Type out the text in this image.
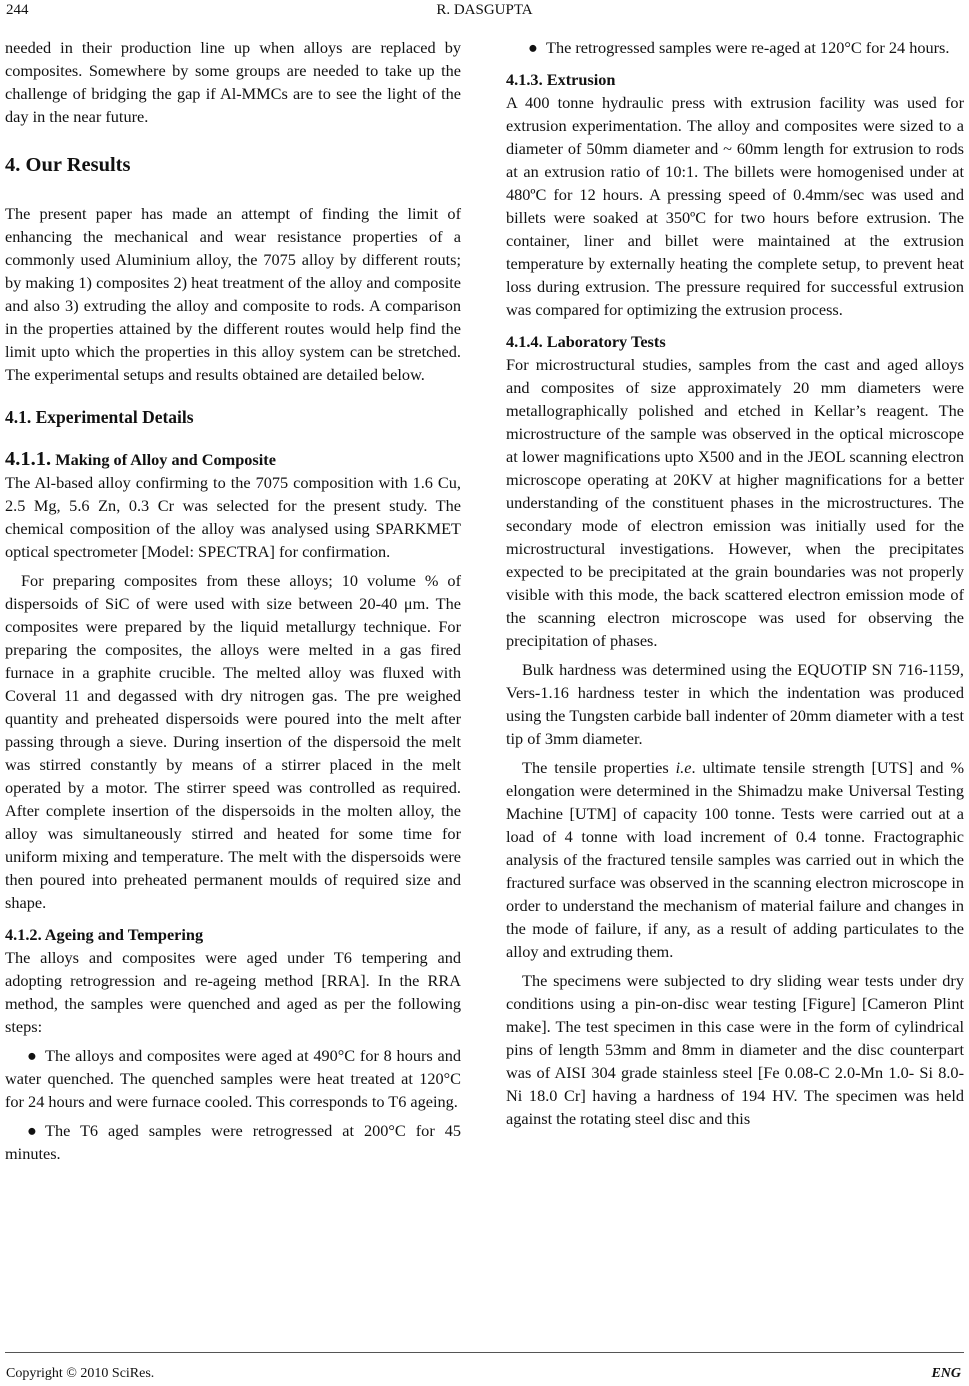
244	R. DASGUPTA

needed in their production line up when alloys are replaced by composites. Somewhere by some groups are needed to take up the challenge of bridging the gap if Al-MMCs are to see the light of the day in the near future.

4. Our Results

The present paper has made an attempt of finding the limit of enhancing the mechanical and wear resistance properties of a commonly used Aluminium alloy, the 7075 alloy by different routs; by making 1) composites 2) heat treatment of the alloy and composite and also 3) extruding the alloy and composite to rods. A comparison in the properties attained by the different routes would help find the limit upto which the properties in this alloy system can be stretched. The experimental setups and results obtained are detailed below.

4.1. Experimental Details
4.1.1. Making of Alloy and Composite

The Al-based alloy confirming to the 7075 composition with 1.6 Cu, 2.5 Mg, 5.6 Zn, 0.3 Cr was selected for the present study. The chemical composition of the alloy was analysed using SPARKMET optical spectrometer [Model: SPECTRA] for confirmation.

For preparing composites from these alloys; 10 volume % of dispersoids of SiC of were used with size between 20-40 μm. The composites were prepared by the liquid metallurgy technique. For preparing the composites, the alloys were melted in a gas fired furnace in a graphite crucible. The melted alloy was fluxed with Coveral 11 and degassed with dry nitrogen gas. The pre weighed quantity and preheated dispersoids were poured into the melt after passing through a sieve. During insertion of the dispersoid the melt was stirred constantly by means of a stirrer placed in the melt operated by a motor. The stirrer speed was controlled as required. After complete insertion of the dispersoids in the molten alloy, the alloy was simultaneously stirred and heated for some time for uniform mixing and temperature. The melt with the dispersoids were then poured into preheated permanent moulds of required size and shape.

4.1.2. Ageing and Tempering

The alloys and composites were aged under T6 tempering and adopting retrogression and re-ageing method [RRA]. In the RRA method, the samples were quenched and aged as per the following steps:

● The alloys and composites were aged at 490°C for 8 hours and water quenched. The quenched samples were heat treated at 120°C for 24 hours and were furnace cooled. This corresponds to T6 ageing.

● The T6 aged samples were retrogressed at 200°C for 45 minutes.

● The retrogressed samples were re-aged at 120°C for 24 hours.

4.1.3. Extrusion

A 400 tonne hydraulic press with extrusion facility was used for extrusion experimentation. The alloy and composites were sized to a diameter of 50mm diameter and ~ 60mm length for extrusion to rods at an extrusion ratio of 10:1. The billets were homogenised under at 480ºC for 12 hours. A pressing speed of 0.4mm/sec was used and billets were soaked at 350ºC for two hours before extrusion. The container, liner and billet were maintained at the extrusion temperature by externally heating the complete setup, to prevent heat loss during extrusion. The pressure required for successful extrusion was compared for optimizing the extrusion process.

4.1.4. Laboratory Tests

For microstructural studies, samples from the cast and aged alloys and composites of size approximately 20 mm diameters were metallographically polished and etched in Kellar’s reagent. The microstructure of the sample was observed in the optical microscope at lower magnifications upto X500 and in the JEOL scanning electron microscope operating at 20KV at higher magnifications for a better understanding of the constituent phases in the microstructures. The secondary mode of electron emission was initially used for the microstructural investigations. However, when the precipitates expected to be precipitated at the grain boundaries was not properly visible with this mode, the back scattered electron emission mode of the scanning electron microscope was used for observing the precipitation of phases.

Bulk hardness was determined using the EQUOTIP SN 716-1159, Vers-1.16 hardness tester in which the indentation was produced using the Tungsten carbide ball indenter of 20mm diameter with a test tip of 3mm diameter.

The tensile properties i.e. ultimate tensile strength [UTS] and % elongation were determined in the Shimadzu make Universal Testing Machine [UTM] of capacity 100 tonne. Tests were carried out at a load of 4 tonne with load increment of 0.4 tonne. Fractographic analysis of the fractured tensile samples was carried out in which the fractured surface was observed in the scanning electron microscope in order to understand the mechanism of material failure and changes in the mode of failure, if any, as a result of adding particulates to the alloy and extruding them.

The specimens were subjected to dry sliding wear tests under dry conditions using a pin-on-disc wear testing [Figure] [Cameron Plint make]. The test specimen in this case were in the form of cylindrical pins of length 53mm and 8mm in diameter and the disc counterpart was of AISI 304 grade stainless steel [Fe 0.08-C 2.0-Mn 1.0- Si 8.0-Ni 18.0 Cr] having a hardness of 194 HV. The specimen was held against the rotating steel disc and this

Copyright © 2010 SciRes.	ENG
